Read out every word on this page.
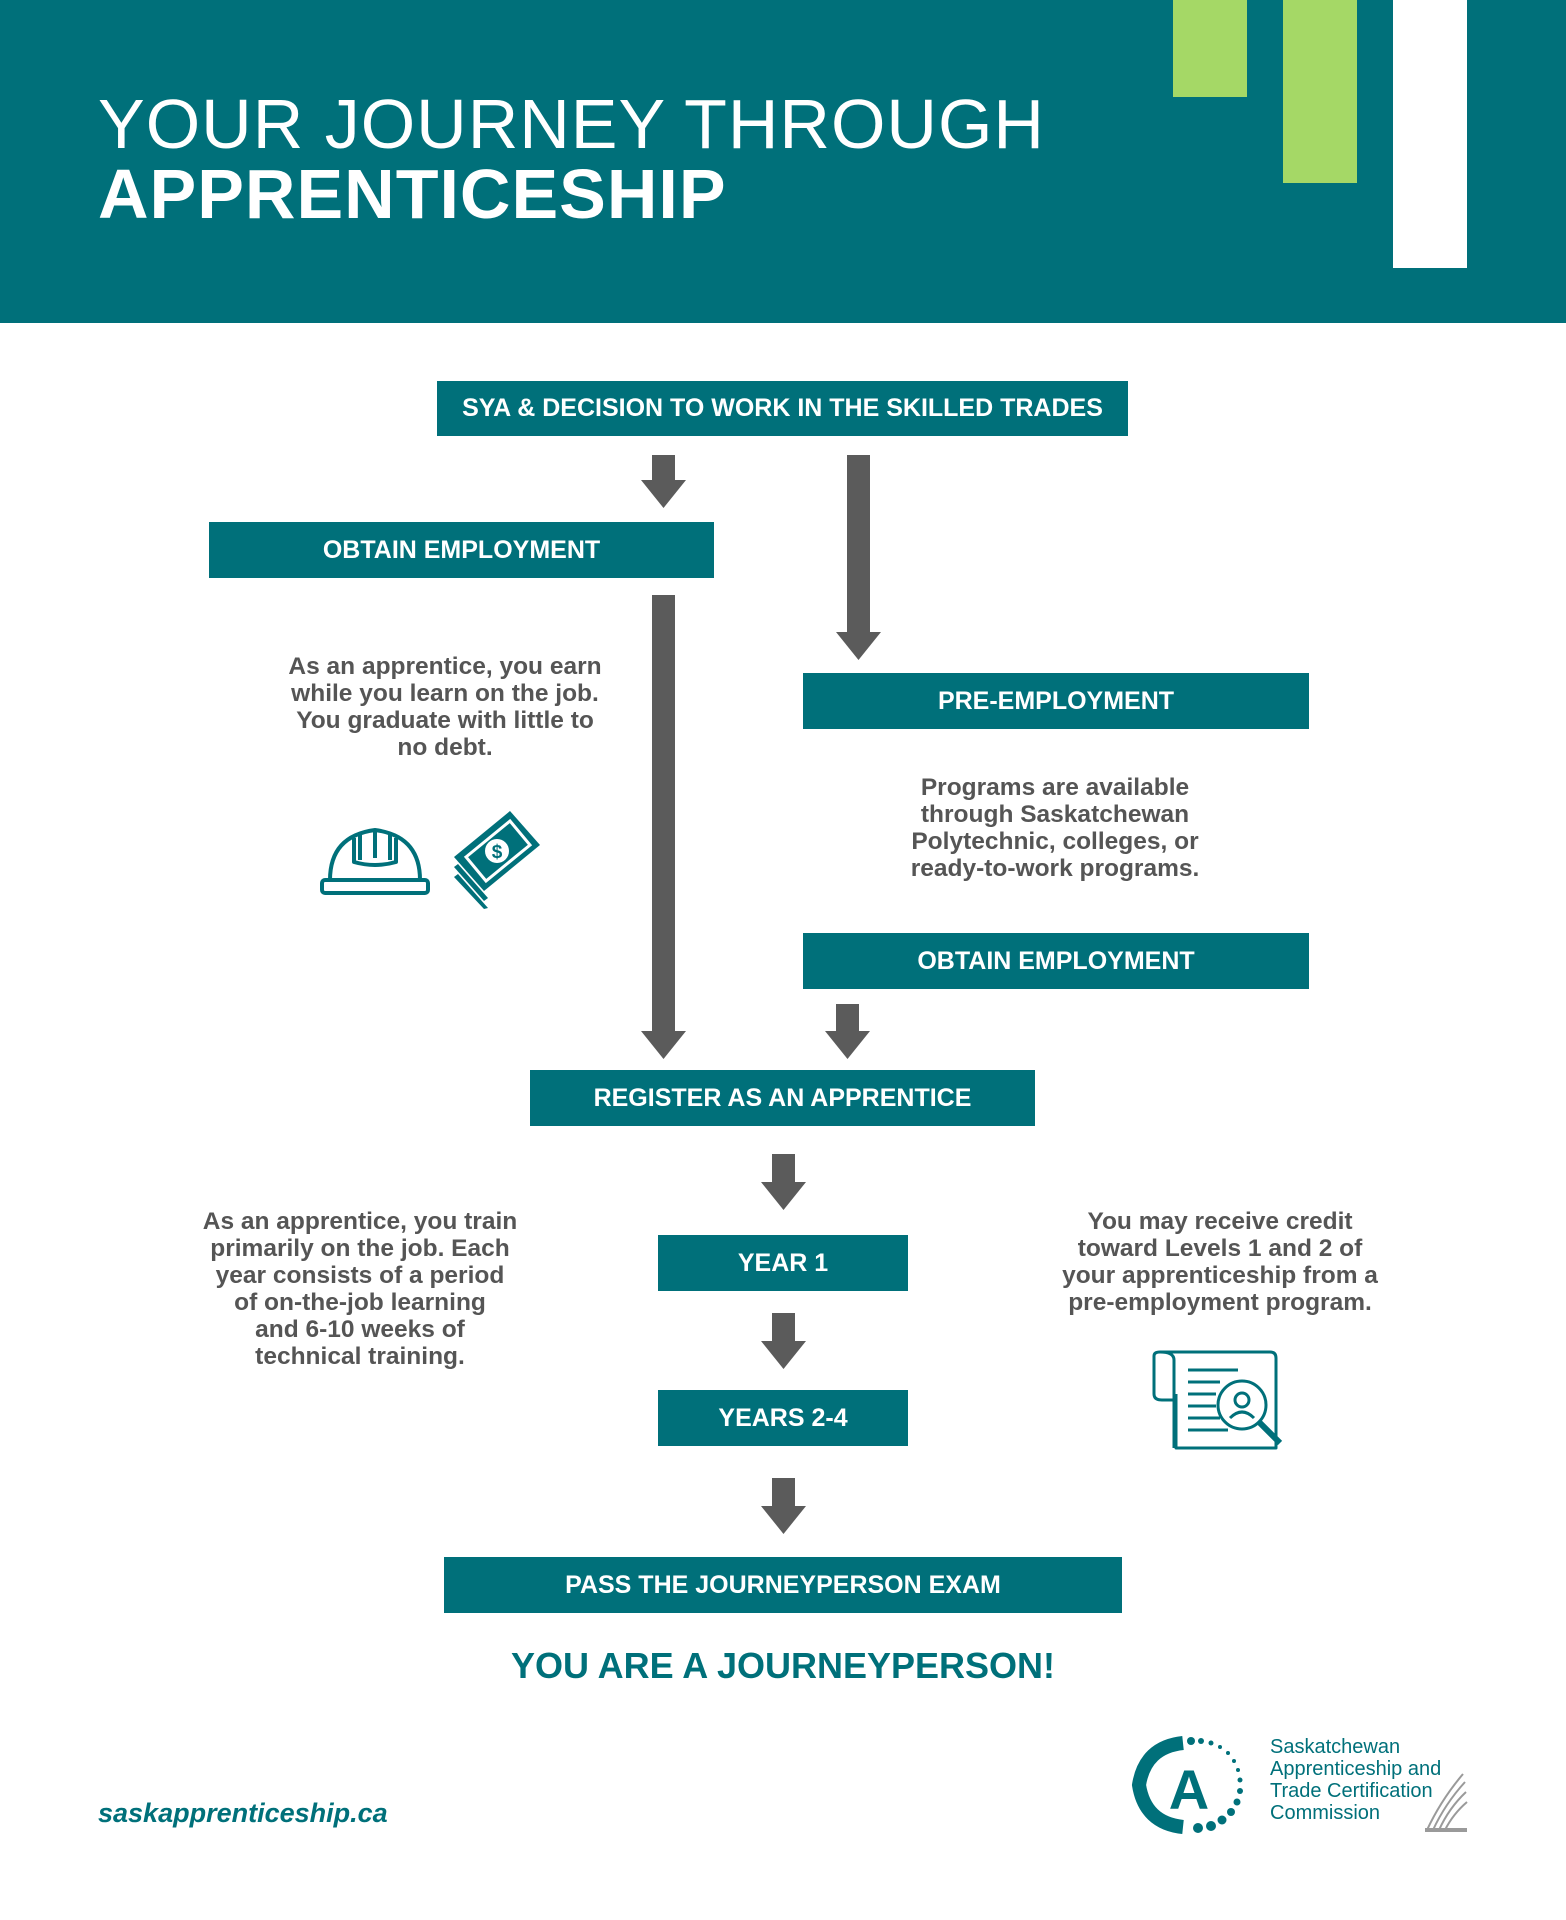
YOUR JOURNEY THROUGH
APPRENTICESHIP
SYA & DECISION TO WORK IN THE SKILLED TRADES
OBTAIN EMPLOYMENT
PRE-EMPLOYMENT
OBTAIN EMPLOYMENT
REGISTER AS AN APPRENTICE
YEAR 1
YEARS 2-4
PASS THE JOURNEYPERSON EXAM
As an apprentice, you earn
while you learn on the job.
You graduate with little to
no debt.
Programs are available
through Saskatchewan
Polytechnic, colleges, or
ready-to-work programs.
As an apprentice, you train
primarily on the job. Each
year consists of a period
of on-the-job learning
and 6-10 weeks of
technical training.
You may receive credit
toward Levels 1 and 2 of
your apprenticeship from a
pre-employment program.
$
YOU ARE A JOURNEYPERSON!
saskapprenticeship.ca	A
Saskatchewan
Apprenticeship and
Trade Certification
Commission
